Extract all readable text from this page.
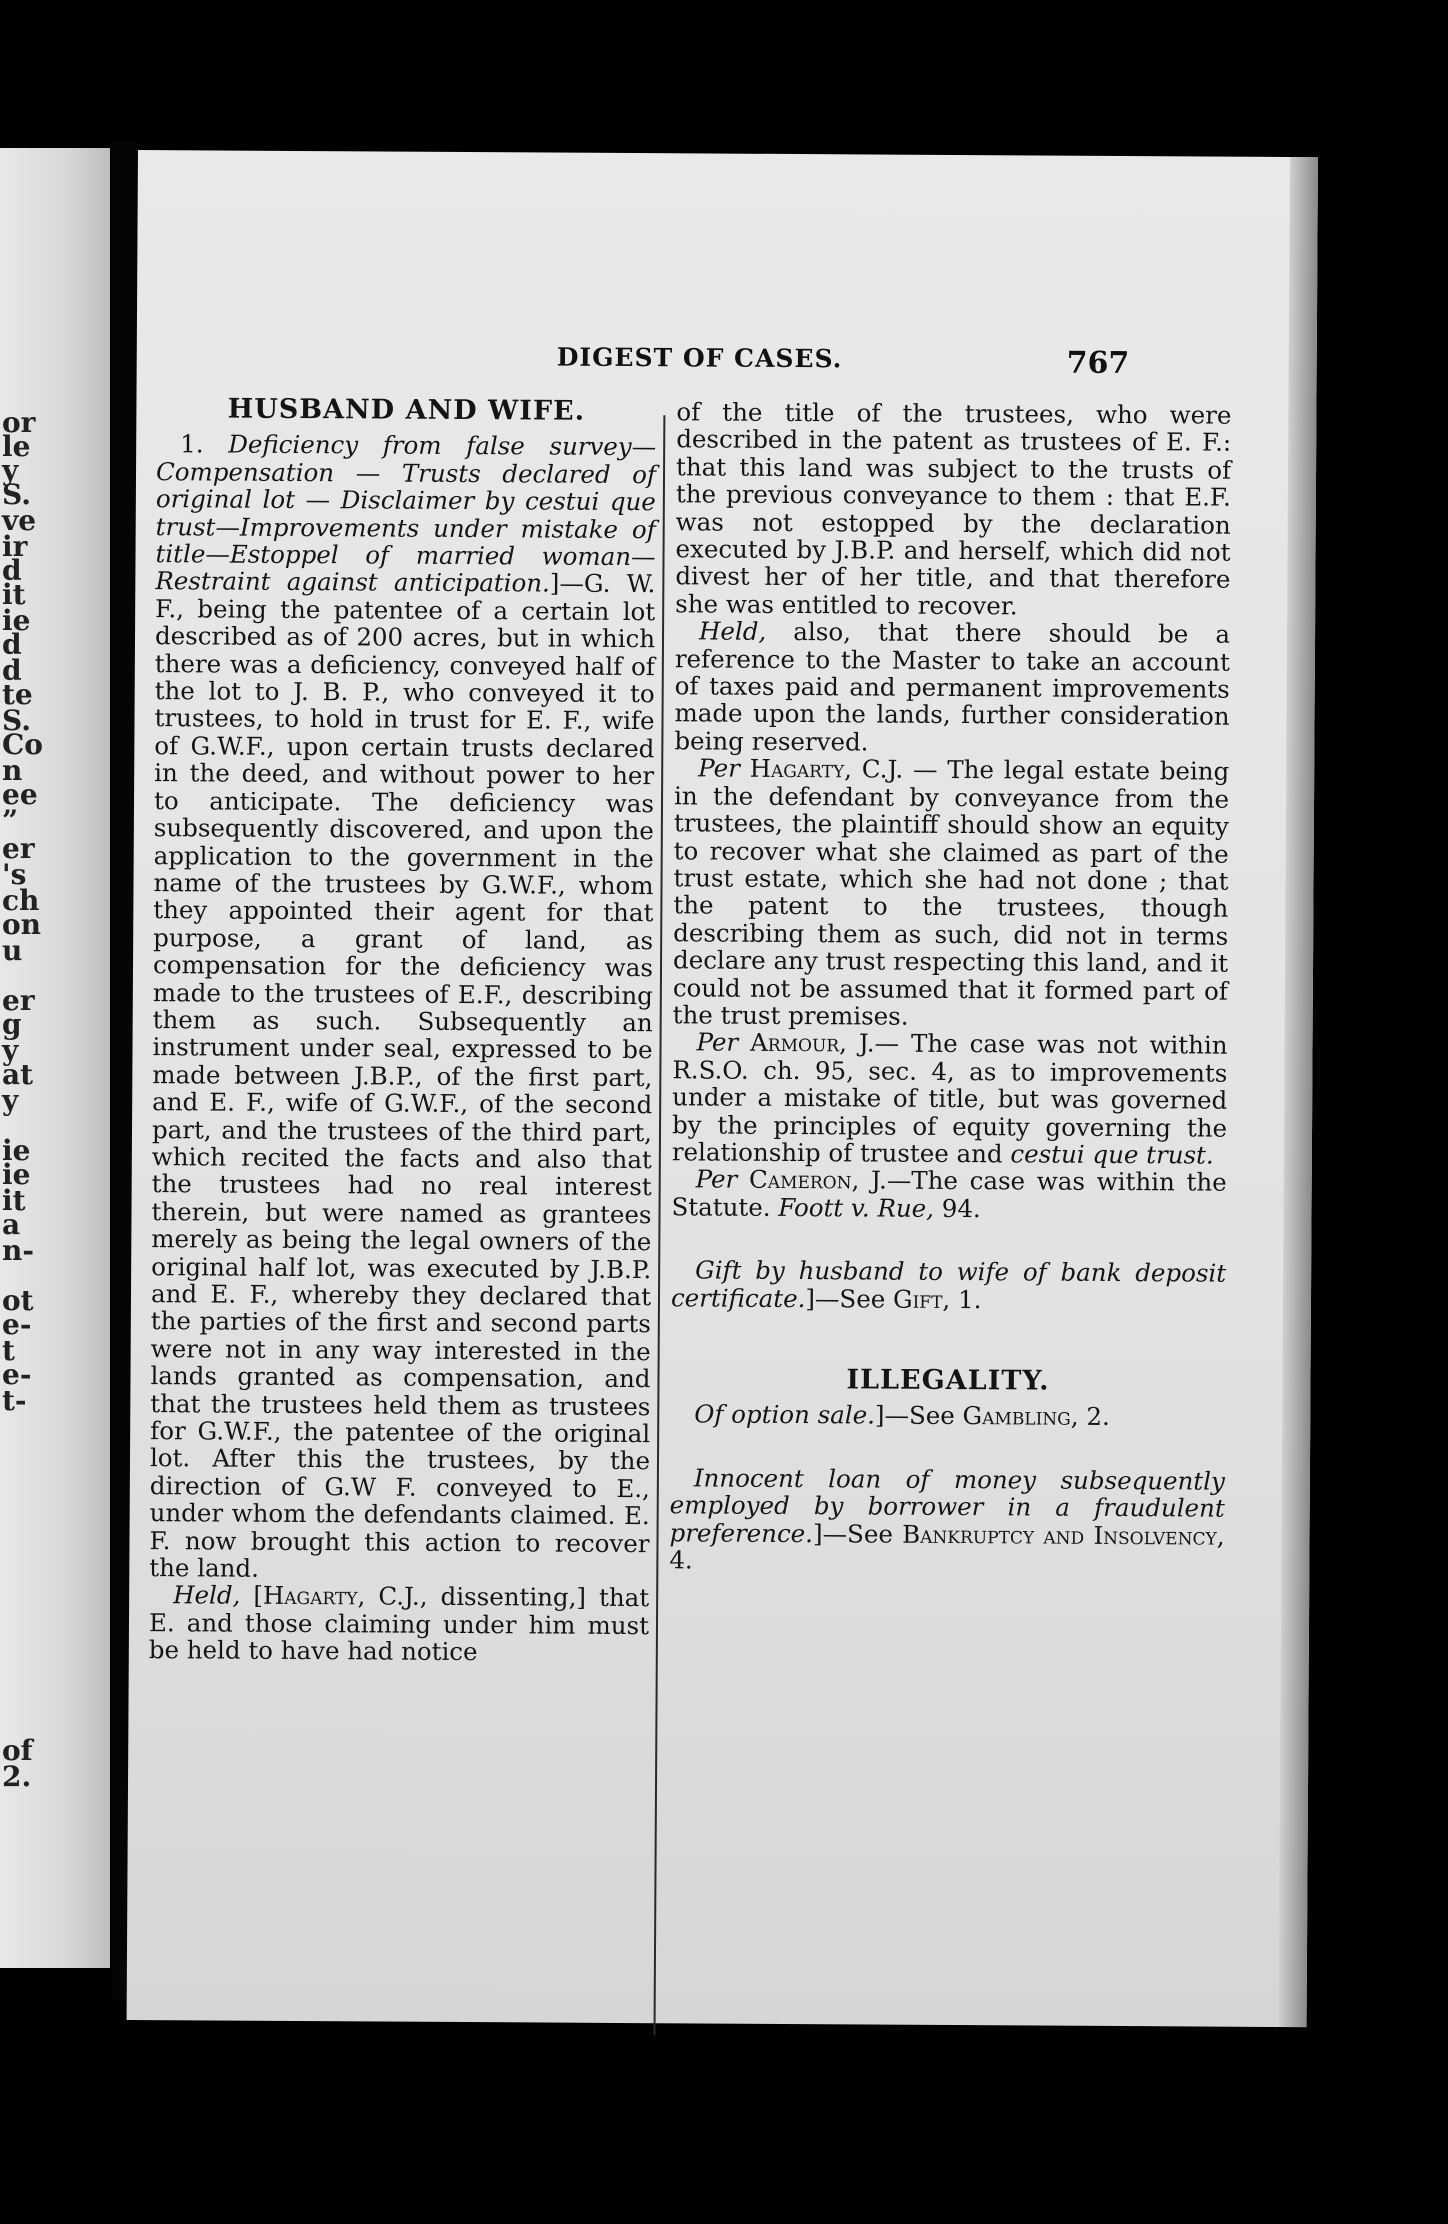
or
le
y
S.
ve
ir
d
it
ie
d
d
te
S.
Co
n
ee
”
er
's
ch
on
u
er
g
y
at
y
ie
ie
it
a
n-
ot
e-
t
e-
t-
of
2.
DIGEST OF CASES.	767

HUSBAND AND WIFE.

1. Deficiency from false survey—Compensation — Trusts declared of original lot — Disclaimer by cestui que trust—Improvements under mistake of title—Estoppel of married woman—Restraint against anticipation.]—G. W. F., being the patentee of a certain lot described as of 200 acres, but in which there was a deficiency, conveyed half of the lot to J. B. P., who conveyed it to trustees, to hold in trust for E. F., wife of G.W.F., upon certain trusts declared in the deed, and without power to her to anticipate. The deficiency was subsequently discovered, and upon the application to the government in the name of the trustees by G.W.F., whom they appointed their agent for that purpose, a grant of land, as compensation for the deficiency was made to the trustees of E.F., describing them as such. Subsequently an instrument under seal, expressed to be made between J.B.P., of the first part, and E. F., wife of G.W.F., of the second part, and the trustees of the third part, which recited the facts and also that the trustees had no real interest therein, but were named as grantees merely as being the legal owners of the original half lot, was executed by J.B.P. and E. F., whereby they declared that the parties of the first and second parts were not in any way interested in the lands granted as compensation, and that the trustees held them as trustees for G.W.F., the patentee of the original lot. After this the trustees, by the direction of G.W F. conveyed to E., under whom the defendants claimed. E. F. now brought this action to recover the land.

Held, [Hagarty, C.J., dissenting,] that E. and those claiming under him must be held to have had notice

of the title of the trustees, who were described in the patent as trustees of E. F.: that this land was subject to the trusts of the previous conveyance to them : that E.F. was not estopped by the declaration executed by J.B.P. and herself, which did not divest her of her title, and that therefore she was entitled to recover.

Held, also, that there should be a reference to the Master to take an account of taxes paid and permanent improvements made upon the lands, further consideration being reserved.

Per Hagarty, C.J. — The legal estate being in the defendant by conveyance from the trustees, the plaintiff should show an equity to recover what she claimed as part of the trust estate, which she had not done ; that the patent to the trustees, though describing them as such, did not in terms declare any trust respecting this land, and it could not be assumed that it formed part of the trust premises.

Per Armour, J.— The case was not within R.S.O. ch. 95, sec. 4, as to improvements under a mistake of title, but was governed by the principles of equity governing the relationship of trustee and cestui que trust.

Per Cameron, J.—The case was within the Statute. Foott v. Rue, 94.

Gift by husband to wife of bank deposit certificate.]—See Gift, 1.

ILLEGALITY.

Of option sale.]—See Gambling, 2.

Innocent loan of money subsequently employed by borrower in a fraudulent preference.]—See Bankruptcy and Insolvency, 4.
